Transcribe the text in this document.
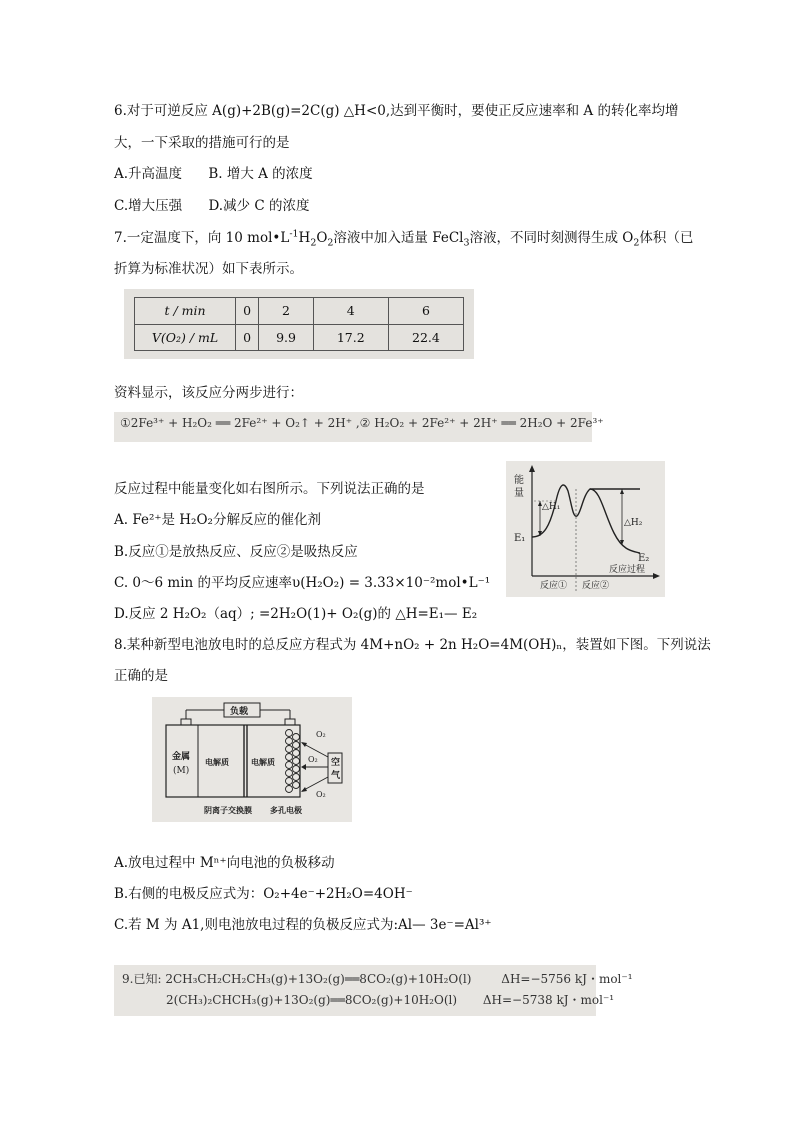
6.对于可逆反应 A(g)+2B(g)=2C(g) △H<0,达到平衡时，要使正反应速率和 A 的转化率均增
大，一下采取的措施可行的是
A.升高温度 B. 增大 A 的浓度
C.增大压强 D.减少 C 的浓度
7.一定温度下，向 10 $mol•L^{-1}H_2O_2$溶液中加入适量 FeCl$_3$溶液，不同时刻测得生成 $O_2$体积（已
折算为标准状况）如下表所示。
t / min	0	2	4	6
V(O₂) / mL	0	9.9	17.2	22.4
资料显示，该反应分两步进行：
①2Fe³⁺ + H₂O₂ ══ 2Fe²⁺ + O₂↑ + 2H⁺ ,② H₂O₂ + 2Fe²⁺ + 2H⁺ ══ 2H₂O + 2Fe³⁺
反应过程中能量变化如右图所示。下列说法正确的是
A. Fe²⁺是 H₂O₂分解反应的催化剂
B.反应①是放热反应、反应②是吸热反应
C. 0～6 min 的平均反应速率υ(H₂O₂) = 3.33×10⁻²mol•L⁻¹
D.反应 2 H₂O₂（aq）; =2H₂O(1)+ O₂(g)的 △H=E₁— E₂
能
量
△H₁
△H₂
E₁
E₂
反应过程
反应① 反应②
8.某种新型电池放电时的总反应方程式为 4M+nO₂ + 2n H₂O=4M(OH)ₙ，装置如下图。下列说法
正确的是
负载
金属
(M)
电解质	电解质	空
气
O₂
O₂
O₂
阴离子交换膜 多孔电极
A.放电过程中 Mⁿ⁺向电池的负极移动
B.右侧的电极反应式为：O₂+4e⁻+2H₂O=4OH⁻
C.若 M 为 A1,则电池放电过程的负极反应式为:Al— 3e⁻=Al³⁺
9.已知: 2CH₃CH₂CH₂CH₃(g)+13O₂(g)══8CO₂(g)+10H₂O(l) ΔH=−5756 kJ・mol⁻¹
2(CH₃)₂CHCH₃(g)+13O₂(g)══8CO₂(g)+10H₂O(l) ΔH=−5738 kJ・mol⁻¹
